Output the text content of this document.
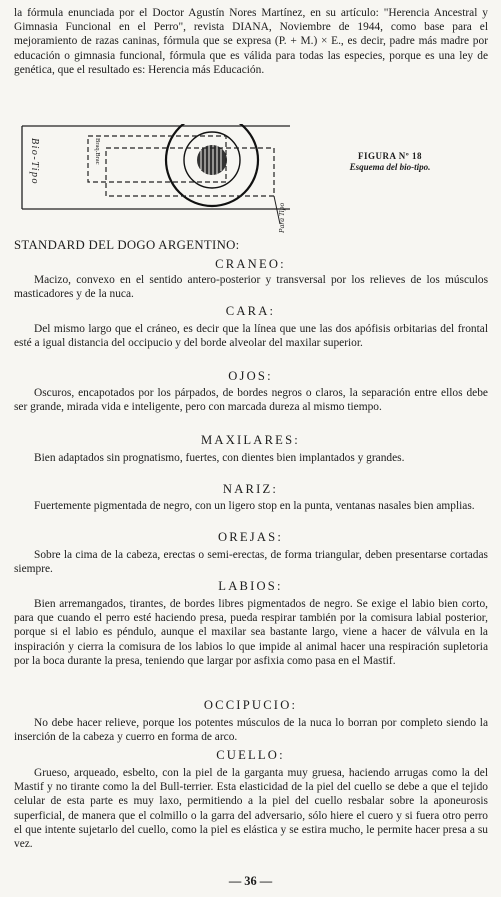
la fórmula enunciada por el Doctor Agustín Nores Martínez, en su artículo: "Herencia Ancestral y Gimnasia Funcional en el Perro", revista DIANA, Noviembre de 1944, como base para el mejoramiento de razas caninas, fórmula que se expresa (P. + M.) × E., es decir, padre más madre por educación o gimnasia funcional, fórmula que es válida para todas las especies, porque es una ley de genética, que el resultado es: Herencia más Educación.
Bio-Tipo	Braq.Brac
Para Tipo
FIGURA Nº 18
Esquema del bio-tipo.
STANDARD DEL DOGO ARGENTINO:
CRANEO:
Macizo, convexo en el sentido antero-posterior y transversal por los relieves de los músculos masticadores y de la nuca.
CARA:
Del mismo largo que el cráneo, es decir que la línea que une las dos apófisis orbitarias del frontal esté a igual distancia del occipucio y del borde alveolar del maxilar superior.
OJOS:
Oscuros, encapotados por los párpados, de bordes negros o claros, la separación entre ellos debe ser grande, mirada vida e inteligente, pero con marcada dureza al mismo tiempo.
MAXILARES:
Bien adaptados sin prognatismo, fuertes, con dientes bien implantados y grandes.
NARIZ:
Fuertemente pigmentada de negro, con un ligero stop en la punta, ventanas nasales bien amplias.
OREJAS:
Sobre la cima de la cabeza, erectas o semi-erectas, de forma triangular, deben presentarse cortadas siempre.
LABIOS:
Bien arremangados, tirantes, de bordes libres pigmentados de negro. Se exige el labio bien corto, para que cuando el perro esté haciendo presa, pueda respirar también por la comisura labial posterior, porque si el labio es péndulo, aunque el maxilar sea bastante largo, viene a hacer de válvula en la inspiración y cierra la comisura de los labios lo que impide al animal hacer una respiración supletoria por la boca durante la presa, teniendo que largar por asfixia como pasa en el Mastif.
OCCIPUCIO:
No debe hacer relieve, porque los potentes músculos de la nuca lo borran por completo siendo la inserción de la cabeza y cuerro en forma de arco.
CUELLO:
Grueso, arqueado, esbelto, con la piel de la garganta muy gruesa, haciendo arrugas como la del Mastif y no tirante como la del Bull-terrier. Esta elasticidad de la piel del cuello se debe a que el tejido celular de esta parte es muy laxo, permitiendo a la piel del cuello resbalar sobre la aponeurosis superficial, de manera que el colmillo o la garra del adversario, sólo hiere el cuero y si fuera otro perro el que intente sujetarlo del cuello, como la piel es elástica y se estira mucho, le permite hacer presa a su vez.
— 36 —
